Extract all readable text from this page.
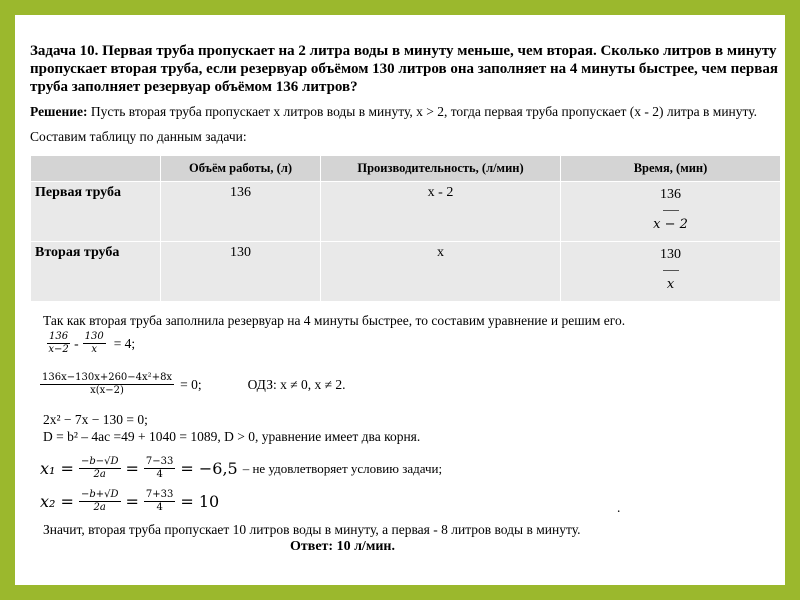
Задача 10. Первая труба пропускает на 2 литра воды в минуту меньше, чем вторая. Сколько литров в минуту пропускает вторая труба, если резервуар объёмом 130 литров она заполняет на 4 минуты быстрее, чем первая труба заполняет резервуар объёмом 136 литров?
Решение: Пусть вторая труба пропускает x литров воды в минуту, x > 2, тогда первая труба пропускает (x - 2) литра в минуту.
Составим таблицу по данным задачи:
	Объём работы, (л)	Производительность, (л/мин)	Время, (мин)
Первая труба	136	x - 2	136
x − 2

Вторая труба	130	x	130
x
Так как вторая труба заполнила резервуар на 4 минуты быстрее, то составим уравнение и решим его.
$\frac{136}{x-2} - \frac{130}{x} = 4$;
$\frac{\text{136x−130x+260−4x²+8x}}{x(x-2)} = 0$;	ОДЗ: x ≠ 0, x ≠ 2.
2x² − 7x − 130 = 0;
D = b² – 4ac =49 + 1040 = 1089, D > 0, уравнение имеет два корня.
$x_1 = \frac{-b-√D}{2a} = \frac{7-33}{4} = -6,5$ – не удовлетворяет условию задачи;
$x_2 = \frac{-b+√D}{2a} = \frac{7+33}{4} = 10$	.
Значит, вторая труба пропускает 10 литров воды в минуту, а первая - 8 литров воды в минуту.
Ответ: 10 л/мин.
